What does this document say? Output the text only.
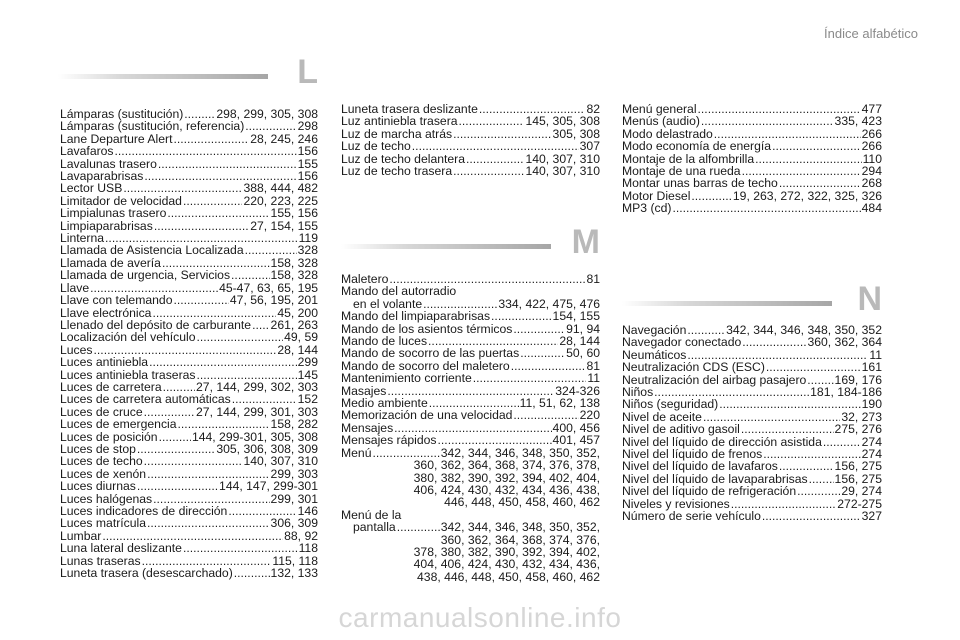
Índice alfabético
L
Lámparas (sustitución) .....	298, 299, 305, 308
Lámparas (sustitución, referencia) .....	298
Lane Departure Alert .....	28, 245, 246
Lavafaros .....	156
Lavalunas trasero .....	155
Lavaparabrisas .....	156
Lector USB .....	388, 444, 482
Limitador de velocidad .....	220, 223, 225
Limpialunas trasero .....	155, 156
Limpiaparabrisas .....	27, 154, 155
Linterna .....	119
Llamada de Asistencia Localizada .....	328
Llamada de avería .....	158, 328
Llamada de urgencia, Servicios .....	158, 328
Llave .....	45-47, 63, 65, 195
Llave con telemando .....	47, 56, 195, 201
Llave electrónica .....	45, 200
Llenado del depósito de carburante ..... 261, 263
Localización del vehículo .....	49, 59
Luces .....	28, 144
Luces antiniebla .....	299
Luces antiniebla traseras .....	145
Luces de carretera .....	27, 144, 299, 302, 303
Luces de carretera automáticas .....	152
Luces de cruce .....	27, 144, 299, 301, 303
Luces de emergencia .....	158, 282
Luces de posición .....	144, 299-301, 305, 308
Luces de stop .....	305, 306, 308, 309
Luces de techo .....	140, 307, 310
Luces de xenón .....	299, 303
Luces diurnas .....	144, 147, 299-301
Luces halógenas .....	299, 301
Luces indicadores de dirección .....	146
Luces matrícula .....	306, 309
Lumbar .....	88, 92
Luna lateral deslizante .....	118
Lunas traseras .....	115, 118
Luneta trasera (desescarchado) .....	132, 133
Luneta trasera deslizante .....	82
Luz antiniebla trasera .....	145, 305, 308
Luz de marcha atrás .....	305, 308
Luz de techo .....	307
Luz de techo delantera .....	140, 307, 310
Luz de techo trasera .....	140, 307, 310
M
Maletero .....	81
Mando del autorradio
en el volante .....	334, 422, 475, 476
Mando del limpiaparabrisas .....	154, 155
Mando de los asientos térmicos .....	91, 94
Mando de luces .....	28, 144
Mando de socorro de las puertas .....	50, 60
Mando de socorro del maletero .....	81
Mantenimiento corriente .....	11
Masajes .....	324-326
Medio ambiente .....	11, 51, 62, 138
Memorización de una velocidad .....	220
Mensajes .....	400, 456
Mensajes rápidos .....	401, 457
Menú .....	342, 344, 346, 348, 350, 352,
360, 362, 364, 368, 374, 376, 378,
380, 382, 390, 392, 394, 402, 404,
406, 424, 430, 432, 434, 436, 438,
446, 448, 450, 458, 460, 462
Menú de la
pantalla .....	342, 344, 346, 348, 350, 352,
360, 362, 364, 368, 374, 376,
378, 380, 382, 390, 392, 394, 402,
404, 406, 424, 430, 432, 434, 436,
438, 446, 448, 450, 458, 460, 462
Menú general .....	477
Menús (audio) .....	335, 423
Modo delastrado .....	266
Modo economía de energía .....	266
Montaje de la alfombrilla .....	110
Montaje de una rueda .....	294
Montar unas barras de techo .....	268
Motor Diesel .....	19, 263, 272, 322, 325, 326
MP3 (cd) .....	484
N
Navegación .....	342, 344, 346, 348, 350, 352
Navegador conectado .....	360, 362, 364
Neumáticos .....	11
Neutralización CDS (ESC) .....	161
Neutralización del airbag pasajero ..... 169, 176
Niños .....	181, 184-186
Niños (seguridad) .....	190
Nivel de aceite .....	32, 273
Nivel de aditivo gasoil .....	275, 276
Nivel del líquido de dirección asistida .....	274
Nivel del líquido de frenos .....	274
Nivel del líquido de lavafaros .....	156, 275
Nivel del líquido de lavaparabrisas ..... 156, 275
Nivel del líquido de refrigeración .....	29, 274
Niveles y revisiones .....	272-275
Número de serie vehículo .....	327
carmanualsonline.info
